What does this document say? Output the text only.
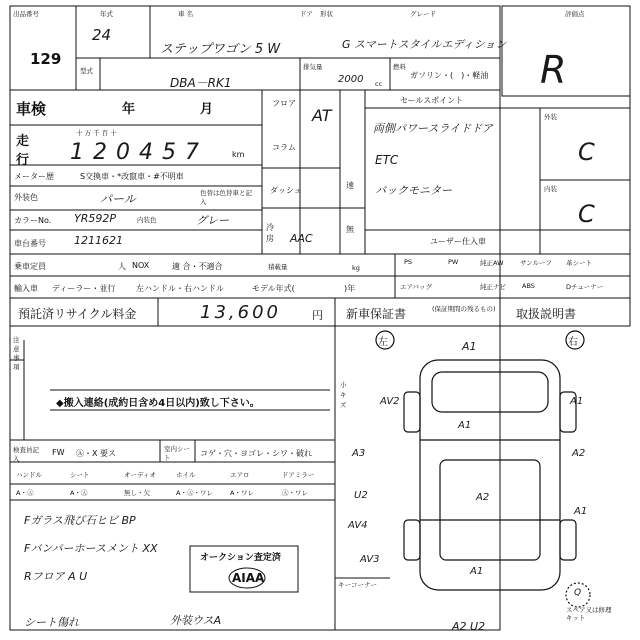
出品番号
129
年式
24
車 名
ステップワゴン 5 W
ドア 形状	グレード
G スマートスタイルエディション
評価点
R
型式
DBA－RK1
排気量
2000 cc
燃料
ガソリン・(　)・軽油
車検	年	月
走行
十 万 千 百 十
120457	km
メーター歴	S交換車・*改竄車・#不明車
外装色	パール	色替は色替車と記入
カラーNo. YR592P	内装色	グレー
車台番号	1211621
フロア
コラム
ダッシュ
AT
速
冷房	AAC
無
セールスポイント
両側パワースライドドア
ETC
バックモニター
外装
C
内装
C
ユーザー仕入車
乗車定員	人 NOX	適 合・不適合	積載量	kg
PS	PW	純正AW	サンルーフ 革シート
エアバッグ	純正ナビ ABS	Dチューナー
輸入車 ディーラー・並行	左ハンドル・右ハンドル	モデル年式(	)年
預託済リサイクル料金	13,600	円 新車保証書	(保証期間の残るもの) 取扱説明書
注意事項
◆搬入連絡(成約日含め4日以内)致し下さい。
検査員記入
FW Ⓐ・X 要ス	室内シート	コゲ・穴・ヨゴレ・シワ・破れ
ハンドル	シート	オーディオ	ホイル	エアロ	ドアミラー
A・Ⓐ	A・Ⓐ	無し・欠	A・Ⓐ・ワレ	A・ワレ	Ⓐ・ワレ
Fガラス飛び石ヒビ BP
Fバンパーホースメント XX
Rフロア A U
シート傷れ	外装ウスA
オークション査定済
AIAA
左	右
A1
AV2	A1
A1
A3	A2
A2
U2
AV4
A1
AV3
A1
A2 U2
小キズ
キーコーナー
スペア又は修理キット
Q
